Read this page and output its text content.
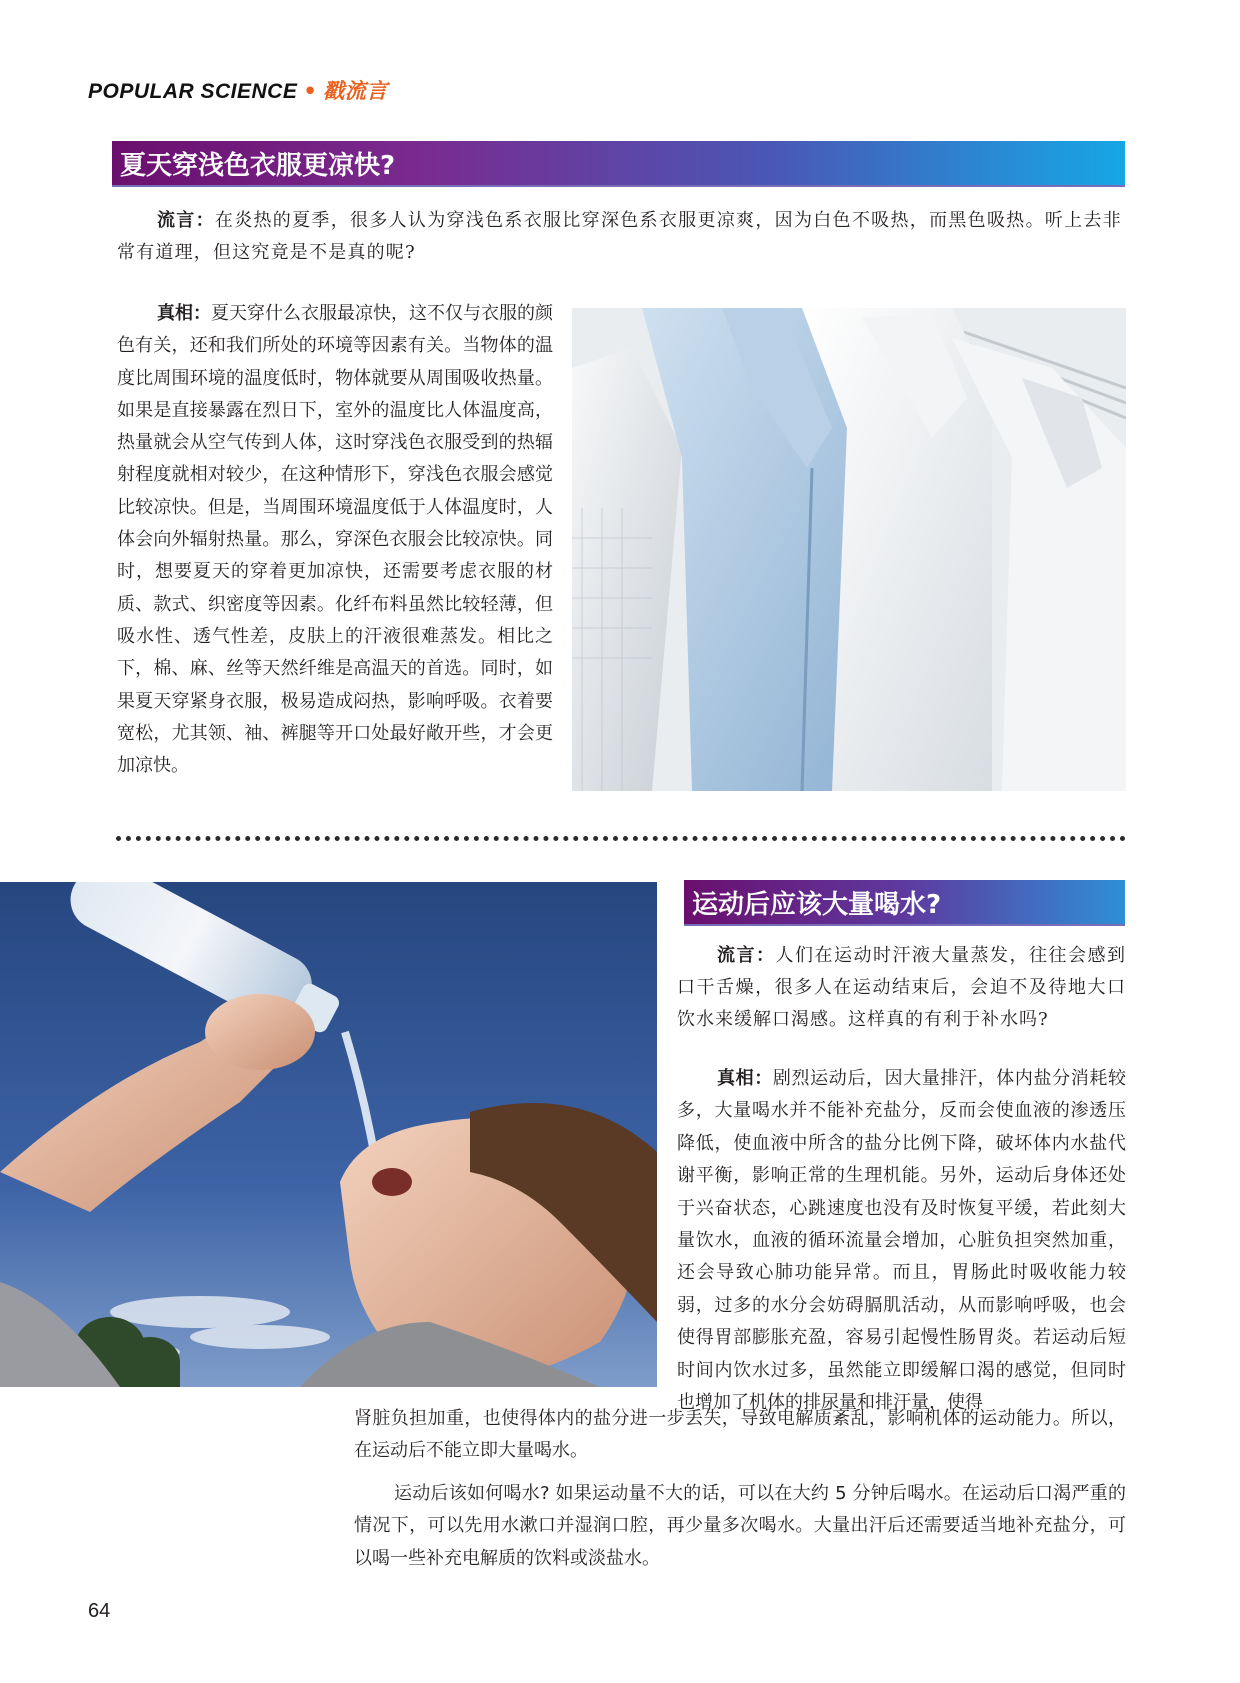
POPULAR SCIENCE • 戳流言
夏天穿浅色衣服更凉快?

流言：在炎热的夏季，很多人认为穿浅色系衣服比穿深色系衣服更凉爽，因为白色不吸热，而黑色吸热。听上去非常有道理，但这究竟是不是真的呢?

真相：夏天穿什么衣服最凉快，这不仅与衣服的颜色有关，还和我们所处的环境等因素有关。当物体的温度比周围环境的温度低时，物体就要从周围吸收热量。如果是直接暴露在烈日下，室外的温度比人体温度高，热量就会从空气传到人体，这时穿浅色衣服受到的热辐射程度就相对较少，在这种情形下，穿浅色衣服会感觉比较凉快。但是，当周围环境温度低于人体温度时，人体会向外辐射热量。那么，穿深色衣服会比较凉快。同时，想要夏天的穿着更加凉快，还需要考虑衣服的材质、款式、织密度等因素。化纤布料虽然比较轻薄，但吸水性、透气性差，皮肤上的汗液很难蒸发。相比之下，棉、麻、丝等天然纤维是高温天的首选。同时，如果夏天穿紧身衣服，极易造成闷热，影响呼吸。衣着要宽松，尤其领、袖、裤腿等开口处最好敞开些，才会更加凉快。

运动后应该大量喝水?

流言：人们在运动时汗液大量蒸发，往往会感到口干舌燥，很多人在运动结束后，会迫不及待地大口饮水来缓解口渴感。这样真的有利于补水吗?

真相：剧烈运动后，因大量排汗，体内盐分消耗较多，大量喝水并不能补充盐分，反而会使血液的渗透压降低，使血液中所含的盐分比例下降，破坏体内水盐代谢平衡，影响正常的生理机能。另外，运动后身体还处于兴奋状态，心跳速度也没有及时恢复平缓，若此刻大量饮水，血液的循环流量会增加，心脏负担突然加重，还会导致心肺功能异常。而且，胃肠此时吸收能力较弱，过多的水分会妨碍膈肌活动，从而影响呼吸，也会使得胃部膨胀充盈，容易引起慢性肠胃炎。若运动后短时间内饮水过多，虽然能立即缓解口渴的感觉，但同时也增加了机体的排尿量和排汗量，使得

肾脏负担加重，也使得体内的盐分进一步丢失，导致电解质紊乱，影响机体的运动能力。所以，在运动后不能立即大量喝水。

运动后该如何喝水? 如果运动量不大的话，可以在大约 5 分钟后喝水。在运动后口渴严重的情况下，可以先用水漱口并湿润口腔，再少量多次喝水。大量出汗后还需要适当地补充盐分，可以喝一些补充电解质的饮料或淡盐水。

64
